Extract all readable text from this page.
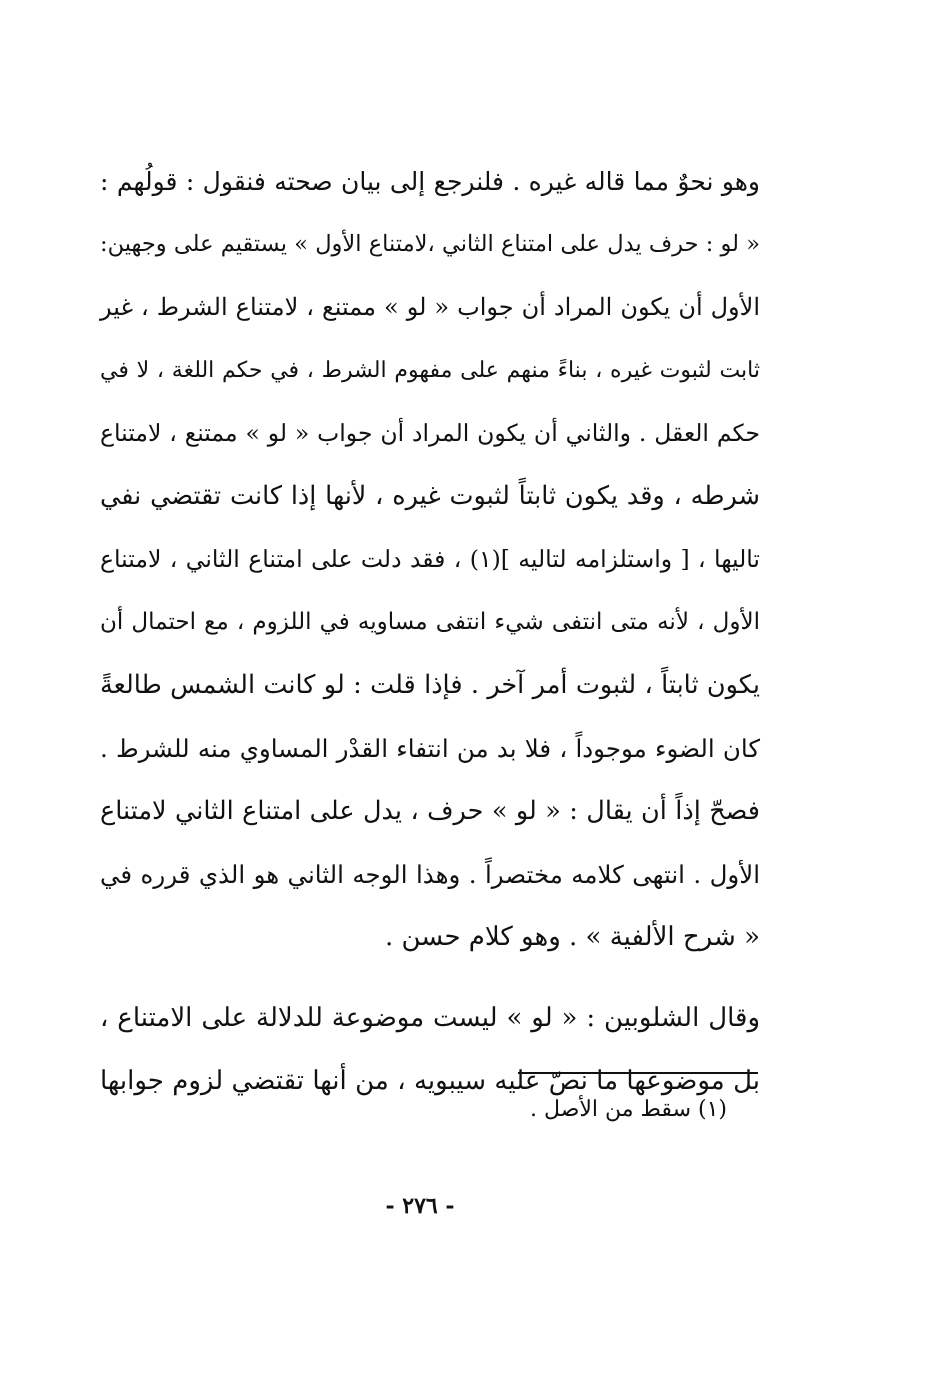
وهو نحوٌ مما قاله غيره . فلنرجع إلى بيان صحته فنقول : قولُهم :
« لو : حرف يدل على امتناع الثاني ،لامتناع الأول » يستقيم على وجهين:
الأول أن يكون المراد أن جواب « لو » ممتنع ، لامتناع الشرط ، غير
ثابت لثبوت غيره ، بناءً منهم على مفهوم الشرط ، في حكم اللغة ، لا في
حكم العقل . والثاني أن يكون المراد أن جواب « لو » ممتنع ، لامتناع
شرطه ، وقد يكون ثابتاً لثبوت غيره ، لأنها إذا كانت تقتضي نفي
تاليها ، [ واستلزامه لتاليه ](١) ، فقد دلت على امتناع الثاني ، لامتناع
الأول ، لأنه متى انتفى شيء انتفى مساويه في اللزوم ، مع احتمال أن
يكون ثابتاً ، لثبوت أمر آخر . فإذا قلت : لو كانت الشمس طالعةً
كان الضوء موجوداً ، فلا بد من انتفاء القدْر المساوي منه للشرط .
فصحّ إذاً أن يقال : « لو » حرف ، يدل على امتناع الثاني لامتناع
الأول . انتهى كلامه مختصراً . وهذا الوجه الثاني هو الذي قرره في
« شرح الألفية » . وهو كلام حسن .
وقال الشلوبين : « لو » ليست موضوعة للدلالة على الامتناع ،
بل موضوعها ما نصّ عليه سيبويه ، من أنها تقتضي لزوم جوابها
(١) سقط من الأصل .
- ٢٧٦ -
